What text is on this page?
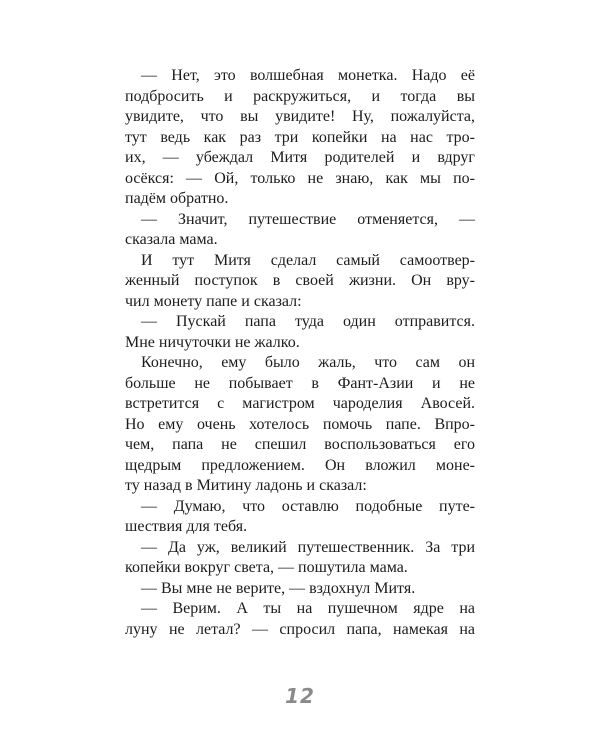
— Нет, это волшебная монетка. Надо её
подбросить и раскружиться, и тогда вы
увидите, что вы увидите! Ну, пожалуйста,
тут ведь как раз три копейки на нас тро-
их, — убеждал Митя родителей и вдруг
осёкся: — Ой, только не знаю, как мы по-
падём обратно.
— Значит, путешествие отменяется, —
сказала мама.
И тут Митя сделал самый самоотвер-
женный поступок в своей жизни. Он вру-
чил монету папе и сказал:
— Пускай папа туда один отправится.
Мне ничуточки не жалко.
Конечно, ему было жаль, что сам он
больше не побывает в Фант-Азии и не
встретится с магистром чароделия Авосей.
Но ему очень хотелось помочь папе. Впро-
чем, папа не спешил воспользоваться его
щедрым предложением. Он вложил моне-
ту назад в Митину ладонь и сказал:
— Думаю, что оставлю подобные путе-
шествия для тебя.
— Да уж, великий путешественник. За три
копейки вокруг света, — пошутила мама.
— Вы мне не верите, — вздохнул Митя.
— Верим. А ты на пушечном ядре на
луну не летал? — спросил папа, намекая на
12
